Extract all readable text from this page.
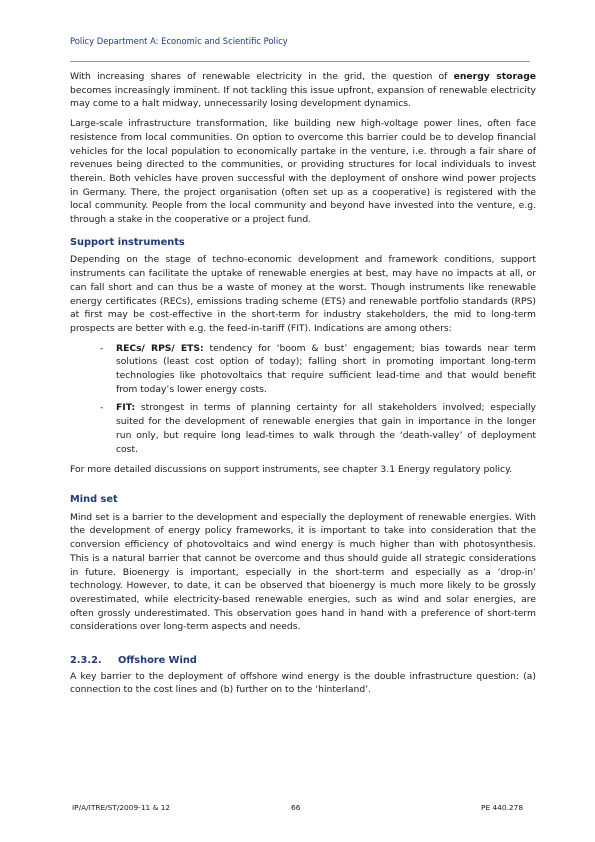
Policy Department A: Economic and Scientific Policy

With increasing shares of renewable electricity in the grid, the question of energy storage becomes increasingly imminent. If not tackling this issue upfront, expansion of renewable electricity may come to a halt midway, unnecessarily losing development dynamics.

Large-scale infrastructure transformation, like building new high-voltage power lines, often face resistence from local communities. On option to overcome this barrier could be to develop financial vehicles for the local population to economically partake in the venture, i.e. through a fair share of revenues being directed to the communities, or providing structures for local individuals to invest therein. Both vehicles have proven successful with the deployment of onshore wind power projects in Germany. There, the project organisation (often set up as a cooperative) is registered with the local community. People from the local community and beyond have invested into the venture, e.g. through a stake in the cooperative or a project fund.

Support instruments

Depending on the stage of techno-economic development and framework conditions, support instruments can facilitate the uptake of renewable energies at best, may have no impacts at all, or can fall short and can thus be a waste of money at the worst. Though instruments like renewable energy certificates (RECs), emissions trading scheme (ETS) and renewable portfolio standards (RPS) at first may be cost-effective in the short-term for industry stakeholders, the mid to long-term prospects are better with e.g. the feed-in-tariff (FIT). Indications are among others:

- RECs/ RPS/ ETS: tendency for ‘boom & bust’ engagement; bias towards near term solutions (least cost option of today); falling short in promoting important long-term technologies like photovoltaics that require sufficient lead-time and that would benefit from today’s lower energy costs.
- FIT: strongest in terms of planning certainty for all stakeholders involved; especially suited for the development of renewable energies that gain in importance in the longer run only, but require long lead-times to walk through the ‘death-valley’ of deployment cost.

For more detailed discussions on support instruments, see chapter 3.1 Energy regulatory policy.

Mind set

Mind set is a barrier to the development and especially the deployment of renewable energies. With the development of energy policy frameworks, it is important to take into consideration that the conversion efficiency of photovoltaics and wind energy is much higher than with photosynthesis. This is a natural barrier that cannot be overcome and thus should guide all strategic considerations in future. Bioenergy is important, especially in the short-term and especially as a ‘drop-in’ technology. However, to date, it can be observed that bioenergy is much more likely to be grossly overestimated, while electricity-based renewable energies, such as wind and solar energies, are often grossly underestimated. This observation goes hand in hand with a preference of short-term considerations over long-term aspects and needs.

2.3.2.	Offshore Wind

A key barrier to the deployment of offshore wind energy is the double infrastructure question: (a) connection to the cost lines and (b) further on to the ‘hinterland’.

IP/A/ITRE/ST/2009-11 & 12	66	PE 440.278
